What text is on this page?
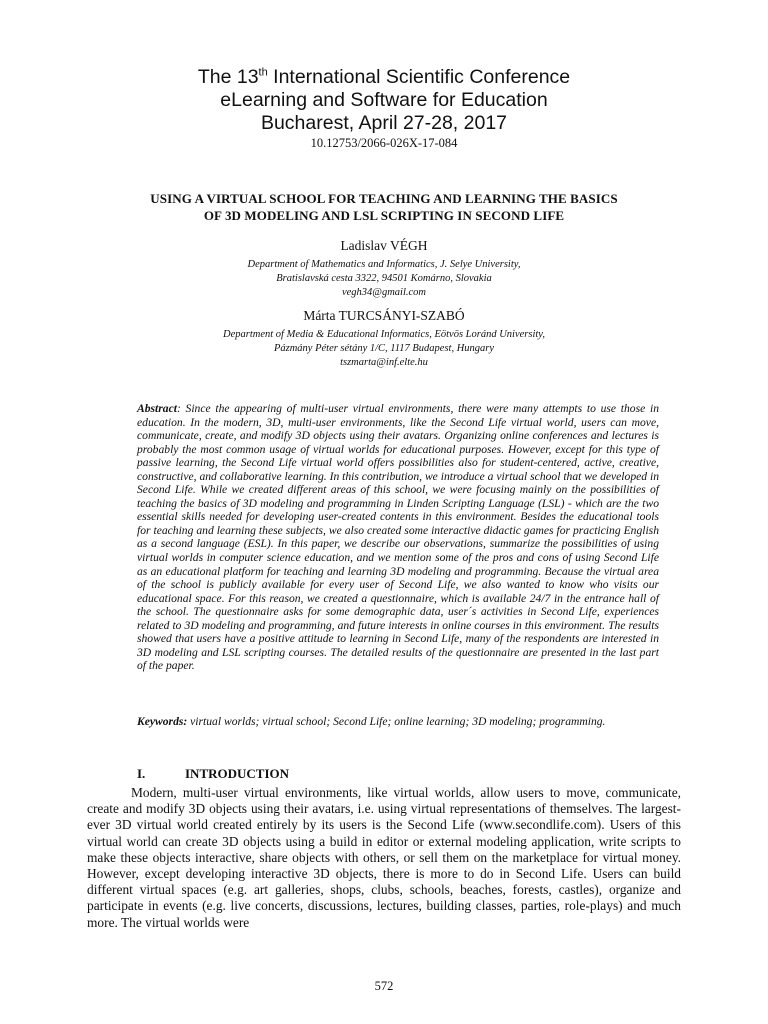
The 13th International Scientific Conference
eLearning and Software for Education
Bucharest, April 27-28, 2017
10.12753/2066-026X-17-084
USING A VIRTUAL SCHOOL FOR TEACHING AND LEARNING THE BASICS
OF 3D MODELING AND LSL SCRIPTING IN SECOND LIFE
Ladislav VÉGH
Department of Mathematics and Informatics, J. Selye University,
Bratislavská cesta 3322, 94501 Komárno, Slovakia
vegh34@gmail.com
Márta TURCSÁNYI-SZABÓ
Department of Media & Educational Informatics, Eötvös Loránd University,
Pázmány Péter sétány 1/C, 1117 Budapest, Hungary
tszmarta@inf.elte.hu
Abstract: Since the appearing of multi-user virtual environments, there were many attempts to use those in education. In the modern, 3D, multi-user environments, like the Second Life virtual world, users can move, communicate, create, and modify 3D objects using their avatars. Organizing online conferences and lectures is probably the most common usage of virtual worlds for educational purposes. However, except for this type of passive learning, the Second Life virtual world offers possibilities also for student-centered, active, creative, constructive, and collaborative learning. In this contribution, we introduce a virtual school that we developed in Second Life. While we created different areas of this school, we were focusing mainly on the possibilities of teaching the basics of 3D modeling and programming in Linden Scripting Language (LSL) - which are the two essential skills needed for developing user-created contents in this environment. Besides the educational tools for teaching and learning these subjects, we also created some interactive didactic games for practicing English as a second language (ESL). In this paper, we describe our observations, summarize the possibilities of using virtual worlds in computer science education, and we mention some of the pros and cons of using Second Life as an educational platform for teaching and learning 3D modeling and programming. Because the virtual area of the school is publicly available for every user of Second Life, we also wanted to know who visits our educational space. For this reason, we created a questionnaire, which is available 24/7 in the entrance hall of the school. The questionnaire asks for some demographic data, user´s activities in Second Life, experiences related to 3D modeling and programming, and future interests in online courses in this environment. The results showed that users have a positive attitude to learning in Second Life, many of the respondents are interested in 3D modeling and LSL scripting courses. The detailed results of the questionnaire are presented in the last part of the paper.
Keywords: virtual worlds; virtual school; Second Life; online learning; 3D modeling; programming.
I.	INTRODUCTION

Modern, multi-user virtual environments, like virtual worlds, allow users to move, communicate, create and modify 3D objects using their avatars, i.e. using virtual representations of themselves. The largest-ever 3D virtual world created entirely by its users is the Second Life (www.secondlife.com). Users of this virtual world can create 3D objects using a build in editor or external modeling application, write scripts to make these objects interactive, share objects with others, or sell them on the marketplace for virtual money. However, except developing interactive 3D objects, there is more to do in Second Life. Users can build different virtual spaces (e.g. art galleries, shops, clubs, schools, beaches, forests, castles), organize and participate in events (e.g. live concerts, discussions, lectures, building classes, parties, role-plays) and much more. The virtual worlds were

572
